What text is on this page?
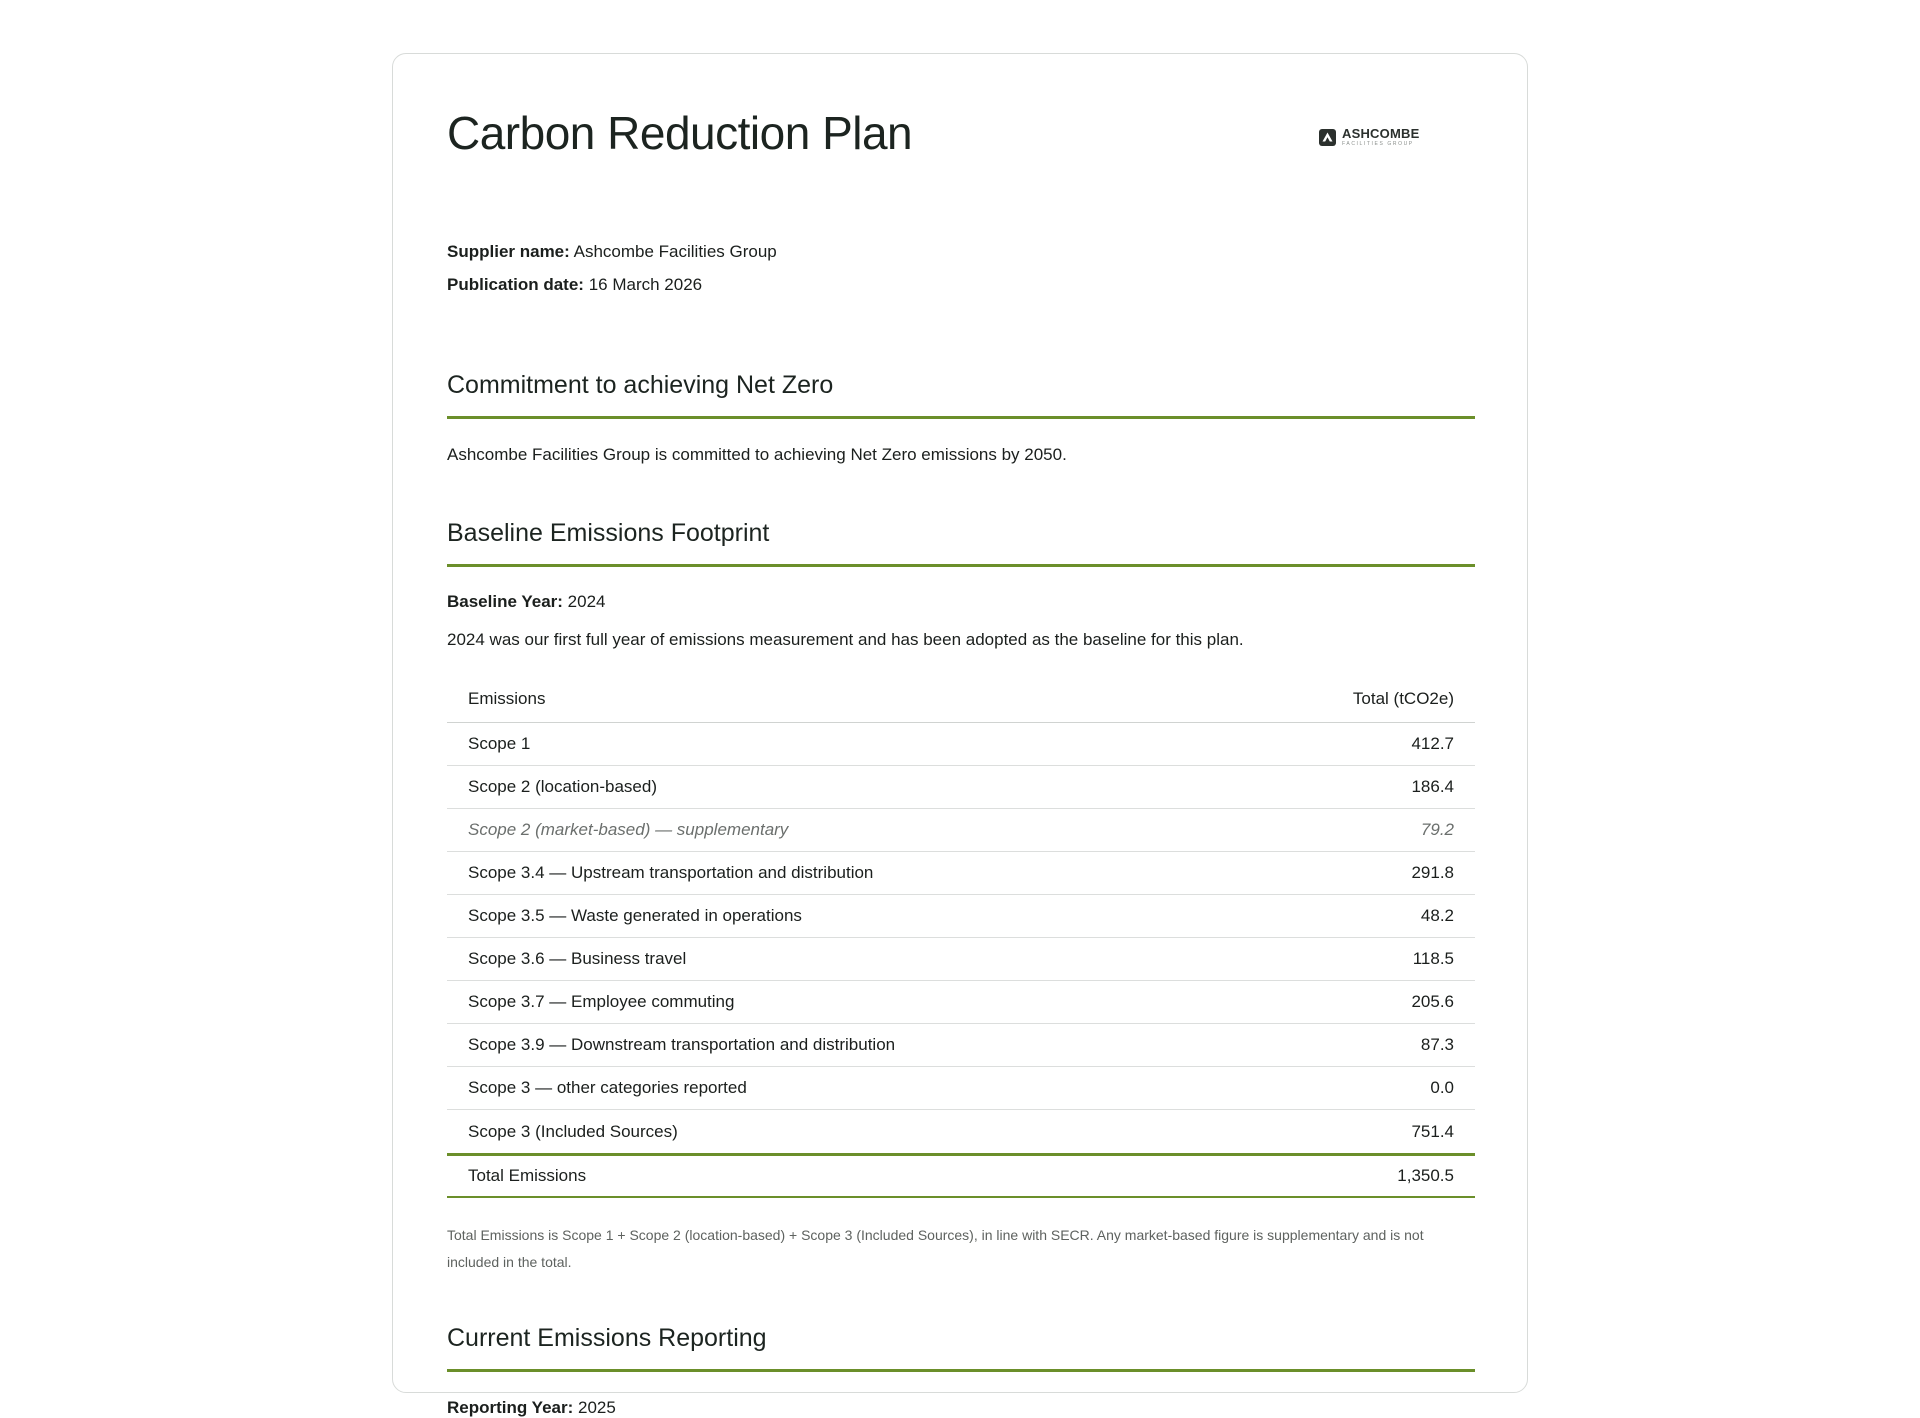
Carbon Reduction Plan	ASHCOMBE
FACILITIES GROUP
Supplier name: Ashcombe Facilities Group
Publication date: 16 March 2026
Commitment to achieving Net Zero
Ashcombe Facilities Group is committed to achieving Net Zero emissions by 2050.
Baseline Emissions Footprint
Baseline Year: 2024
2024 was our first full year of emissions measurement and has been adopted as the baseline for this plan.
Emissions	Total (tCO2e)
Scope 1	412.7
Scope 2 (location-based)	186.4
Scope 2 (market-based) — supplementary	79.2
Scope 3.4 — Upstream transportation and distribution	291.8
Scope 3.5 — Waste generated in operations	48.2
Scope 3.6 — Business travel	118.5
Scope 3.7 — Employee commuting	205.6
Scope 3.9 — Downstream transportation and distribution	87.3
Scope 3 — other categories reported	0.0
Scope 3 (Included Sources)	751.4
Total Emissions	1,350.5
Total Emissions is Scope 1 + Scope 2 (location-based) + Scope 3 (Included Sources), in line with SECR. Any market-based figure is supplementary and is not included in the total.
Current Emissions Reporting
Reporting Year: 2025
